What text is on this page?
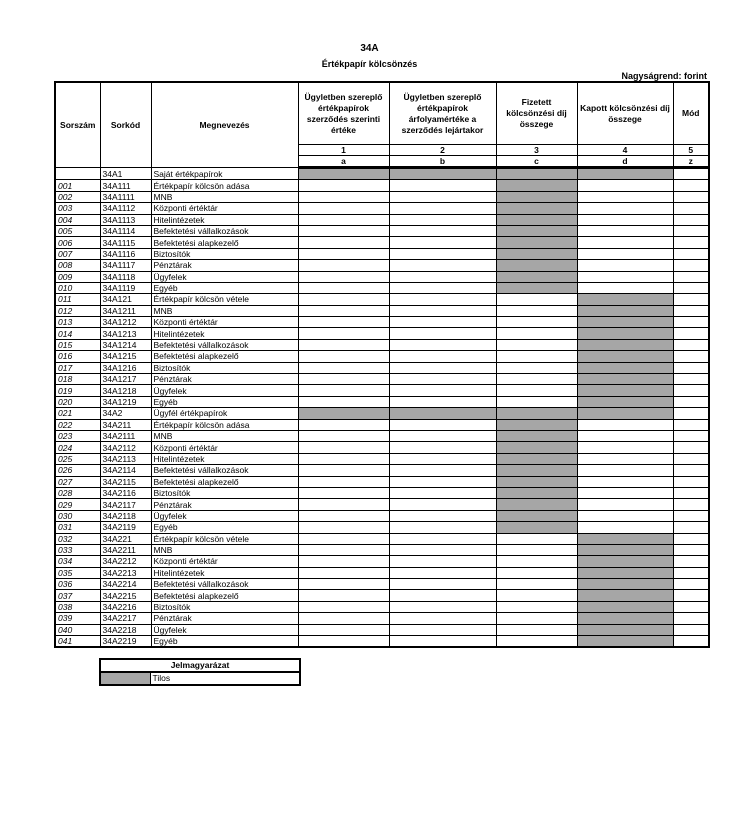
34A
Értékpapír kölcsönzés
Nagyságrend: forint
Sorszám	Sorkód	Megnevezés	Ügyletben szereplő értékpapírok szerződés szerinti értéke	Ügyletben szereplő értékpapírok árfolyamértéke a szerződés lejártakor	Fizetett kölcsönzési díj összege	Kapott kölcsönzési díj összege	Mód
			1	2	3	4	5
			a	b	c	d	z
	34A1	Saját értékpapírok					
001	34A111	Értékpapír kölcsön adása					
002	34A1111	MNB					
003	34A1112	Központi értéktár					
004	34A1113	Hitelintézetek					
005	34A1114	Befektetési vállalkozások					
006	34A1115	Befektetési alapkezelő					
007	34A1116	Biztosítók					
008	34A1117	Pénztárak					
009	34A1118	Ügyfelek					
010	34A1119	Egyéb					
011	34A121	Értékpapír kölcsön vétele					
012	34A1211	MNB					
013	34A1212	Központi értéktár					
014	34A1213	Hitelintézetek					
015	34A1214	Befektetési vállalkozások					
016	34A1215	Befektetési alapkezelő					
017	34A1216	Biztosítók					
018	34A1217	Pénztárak					
019	34A1218	Ügyfelek					
020	34A1219	Egyéb					
021	34A2	Ügyfél értékpapírok					
022	34A211	Értékpapír kölcsön adása					
023	34A2111	MNB					
024	34A2112	Központi értéktár					
025	34A2113	Hitelintézetek					
026	34A2114	Befektetési vállalkozások					
027	34A2115	Befektetési alapkezelő					
028	34A2116	Biztosítók					
029	34A2117	Pénztárak					
030	34A2118	Ügyfelek					
031	34A2119	Egyéb					
032	34A221	Értékpapír kölcsön vétele					
033	34A2211	MNB					
034	34A2212	Központi értéktár					
035	34A2213	Hitelintézetek					
036	34A2214	Befektetési vállalkozások					
037	34A2215	Befektetési alapkezelő					
038	34A2216	Biztosítók					
039	34A2217	Pénztárak					
040	34A2218	Ügyfelek					
041	34A2219	Egyéb					
Jelmagyarázat
	Tilos
